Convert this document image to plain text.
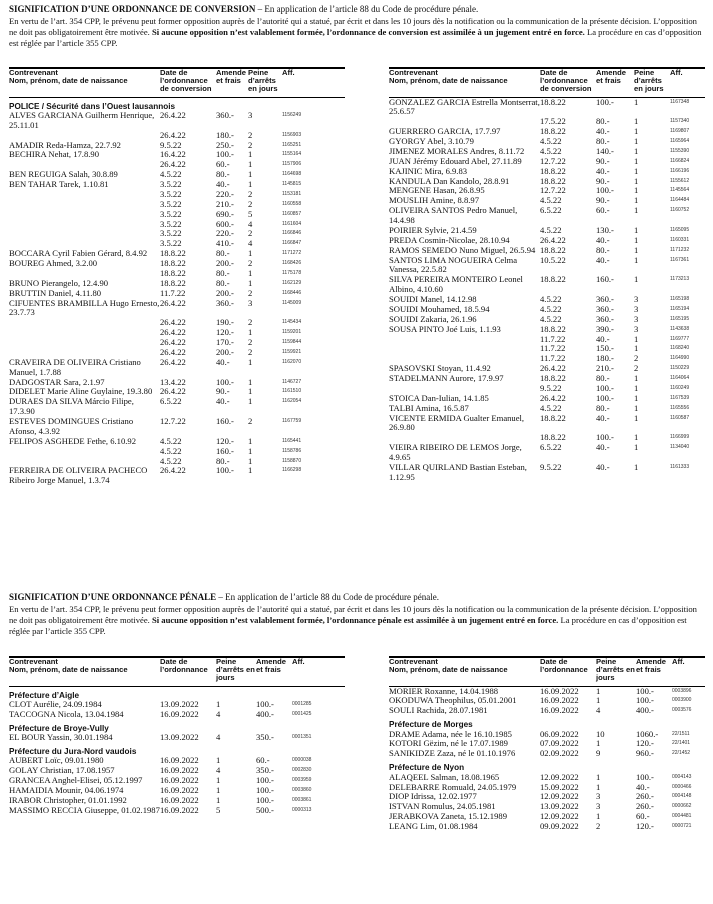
SIGNIFICATION D’UNE ORDONNANCE DE CONVERSION – En application de l’article 88 du Code de procédure pénale.

En vertu de l’art. 354 CPP, le prévenu peut former opposition auprès de l’autorité qui a statué, par écrit et dans les 10 jours dès la notification ou la communication de la présente décision. L’opposition ne doit pas obligatoirement être motivée. Si aucune opposition n’est valablement formée, l’ordonnance de conversion est assimilée à un jugement entré en force. La procédure en cas d’opposition est réglée par l’article 355 CPP.

Contrevenant
Nom, prénom, date de naissance	Date de l’ordonnance de conversion	Amende et frais	Peine d’arrêts en jours	Aff.
POLICE / Sécurité dans l’Ouest lausannois				
ALVES GARCIANA Guilherm Henrique, 25.11.01	26.4.22	360.-	3	1156249
	26.4.22	180.-	2	1156903
AMADIR Reda-Hamza, 22.7.92	9.5.22	250.-	2	1165251
BECHIRA Nehat, 17.8.90	16.4.22	100.-	1	1155164
	26.4.22	60.-	1	1157906
BEN REGUIGA Salah, 30.8.89	4.5.22	80.-	1	1164698
BEN TAHAR Tarek, 1.10.81	3.5.22	40.-	1	1145815
	3.5.22	220.-	2	1153181
	3.5.22	210.-	2	1160558
	3.5.22	690.-	5	1160857
	3.5.22	600.-	4	1161604
	3.5.22	220.-	2	1166846
	3.5.22	410.-	4	1166847
BOCCARA Cyril Fabien Gérard, 8.4.92	18.8.22	80.-	1	1171272
BOUREG Ahmed, 3.2.00	18.8.22	200.-	2	1168426
	18.8.22	80.-	1	1175178
BRUNO Pierangelo, 12.4.90	18.8.22	80.-	1	1162129
BRUTTIN Daniel, 4.11.80	11.7.22	200.-	2	1168446
CIFUENTES BRAMBILLA Hugo Ernesto, 23.7.73	26.4.22	360.-	3	1145009
	26.4.22	190.-	2	1145434
	26.4.22	120.-	1	1159201
	26.4.22	170.-	2	1159844
	26.4.22	200.-	2	1159921
CRAVEIRA DE OLIVEIRA Cristiano Manuel, 1.7.88	26.4.22	40.-	1	1162070
DADGOSTAR Sara, 2.1.97	13.4.22	100.-	1	1146727
DIDELET Marie Aline Guylaine, 19.3.80	26.4.22	90.-	1	1161510
DURAES DA SILVA Márcio Filipe, 17.3.90	6.5.22	40.-	1	1162054
ESTEVES DOMINGUES Cristiano Afonso, 4.3.92	12.7.22	160.-	2	1167759
FELIPOS ASGHEDE Fethe, 6.10.92	4.5.22	120.-	1	1165441
	4.5.22	160.-	1	1158786
	4.5.22	80.-	1	1158870
FERREIRA DE OLIVEIRA PACHECO Ribeiro Jorge Manuel, 1.3.74	26.4.22	100.-	1	1166298
Contrevenant
Nom, prénom, date de naissance	Date de l’ordonnance de conversion	Amende et frais	Peine d’arrêts en jours	Aff.
GONZALEZ GARCIA Estrella Montserrat, 25.6.57	18.8.22	100.-	1	1167348
	17.5.22	80.-	1	1157340
GUERRERO GARCIA, 17.7.97	18.8.22	40.-	1	1169807
GYORGY Abel, 3.10.79	4.5.22	80.-	1	1165964
JIMENEZ MORALES Andres, 8.11.72	4.5.22	140.-	1	1155390
JUAN Jérémy Edouard Abel, 27.11.89	12.7.22	90.-	1	1166824
KAJINIC Mira, 6.9.83	18.8.22	40.-	1	1166196
KANDULA Dan Kandolo, 28.8.91	18.8.22	90.-	1	1155612
MENGENE Hasan, 26.8.95	12.7.22	100.-	1	1145564
MOUSLIH Amine, 8.8.97	4.5.22	90.-	1	1164484
OLIVEIRA SANTOS Pedro Manuel, 14.4.98	6.5.22	60.-	1	1160752
POIRIER Sylvie, 21.4.59	4.5.22	130.-	1	1165095
PREDA Cosmin-Nicolae, 28.10.94	26.4.22	40.-	1	1160331
RAMOS SEMEDO Nuno Miguel, 26.5.94	18.8.22	80.-	1	1171232
SANTOS LIMA NOGUEIRA Celma Vanessa, 22.5.82	10.5.22	40.-	1	1167361
SILVA PEREIRA MONTEIRO Leonel Albino, 4.10.60	18.8.22	160.-	1	1173213
SOUIDI Manel, 14.12.98	4.5.22	360.-	3	1165198
SOUIDI Mouhamed, 18.5.94	4.5.22	360.-	3	1165194
SOUIDI Zakaria, 26.1.96	4.5.22	360.-	3	1165195
SOUSA PINTO Joé Luis, 1.1.93	18.8.22	390.-	3	1143638
	11.7.22	40.-	1	1169777
	11.7.22	150.-	1	1168240
	11.7.22	180.-	2	1164990
SPASOVSKI Stoyan, 11.4.92	26.4.22	210.-	2	1150229
STADELMANN Aurore, 17.9.97	18.8.22	80.-	1	1164064
	9.5.22	100.-	1	1160249
STOICA Dan-Iulian, 14.1.85	26.4.22	100.-	1	1167539
TALBI Amina, 16.5.87	4.5.22	80.-	1	1165556
VICENTE ERMIDA Gualter Emanuel, 26.9.80	18.8.22	40.-	1	1160587
	18.8.22	100.-	1	1166999
VIEIRA RIBEIRO DE LEMOS Jorge, 4.9.65	6.5.22	40.-	1	1134040
VILLAR QUIRLAND Bastian Esteban, 1.12.95	9.5.22	40.-	1	1161333

SIGNIFICATION D’UNE ORDONNANCE PÉNALE – En application de l’article 88 du Code de procédure pénale.

En vertu de l’art. 354 CPP, le prévenu peut former opposition auprès de l’autorité qui a statué, par écrit et dans les 10 jours dès la notification ou la communication de la présente décision. L’opposition ne doit pas obligatoirement être motivée. Si aucune opposition n’est valablement formée, l’ordonnance pénale est assimilée à un jugement entré en force. La procédure en cas d’opposition est réglée par l’article 355 CPP.

Contrevenant
Nom, prénom, date de naissance	Date de l’ordonnance	Peine d’arrêts en jours	Amende et frais	Aff.
Préfecture d’Aigle				
CLOT Aurélie, 24.09.1984	13.09.2022	1	100.-	0001285
TACCOGNA Nicola, 13.04.1984	16.09.2022	4	400.-	0001425
Préfecture de Broye-Vully				
EL BOUR Yassin, 30.01.1984	13.09.2022	4	350.-	0001351
Préfecture du Jura-Nord vaudois				
AUBERT Loïc, 09.01.1980	16.09.2022	1	60.-	0000038
GOLAY Christian, 17.08.1957	16.09.2022	4	350.-	0002830
GRANCEA Anghel-Elisei, 05.12.1997	16.09.2022	1	100.-	0003959
HAMAIDIA Mounir, 04.06.1974	16.09.2022	1	100.-	0003860
IRABOR Christopher, 01.01.1992	16.09.2022	1	100.-	0003861
MASSIMO RECCIA Giuseppe, 01.02.1987	16.09.2022	5	500.-	0000313
Contrevenant
Nom, prénom, date de naissance	Date de l’ordonnance	Peine d’arrêts en jours	Amende et frais	Aff.
MORIER Roxanne, 14.04.1988	16.09.2022	1	100.-	0003896
OKODUWA Theophilus, 05.01.2001	16.09.2022	1	100.-	0003900
SOULI Rachida, 28.07.1981	16.09.2022	4	400.-	0003576
Préfecture de Morges				
DRAME Adama, née le 16.10.1985	06.09.2022	10	1060.-	22/1511
KOTORI Gëzim, né le 17.07.1989	07.09.2022	1	120.-	22/1401
SANIKIDZE Zaza, né le 01.10.1976	02.09.2022	9	960.-	22/1452
Préfecture de Nyon				
ALAQEEL Salman, 18.08.1965	12.09.2022	1	100.-	0004143
DELEBARRE Romuald, 24.05.1979	15.09.2022	1	40.-	0000466
DIOP Idrissa, 12.02.1977	12.09.2022	3	260.-	0004148
ISTVAN Romulus, 24.05.1981	13.09.2022	3	260.-	0000662
JERABKOVA Zaneta, 15.12.1989	12.09.2022	1	60.-	0004481
LEANG Lim, 01.08.1984	09.09.2022	2	120.-	0000721
